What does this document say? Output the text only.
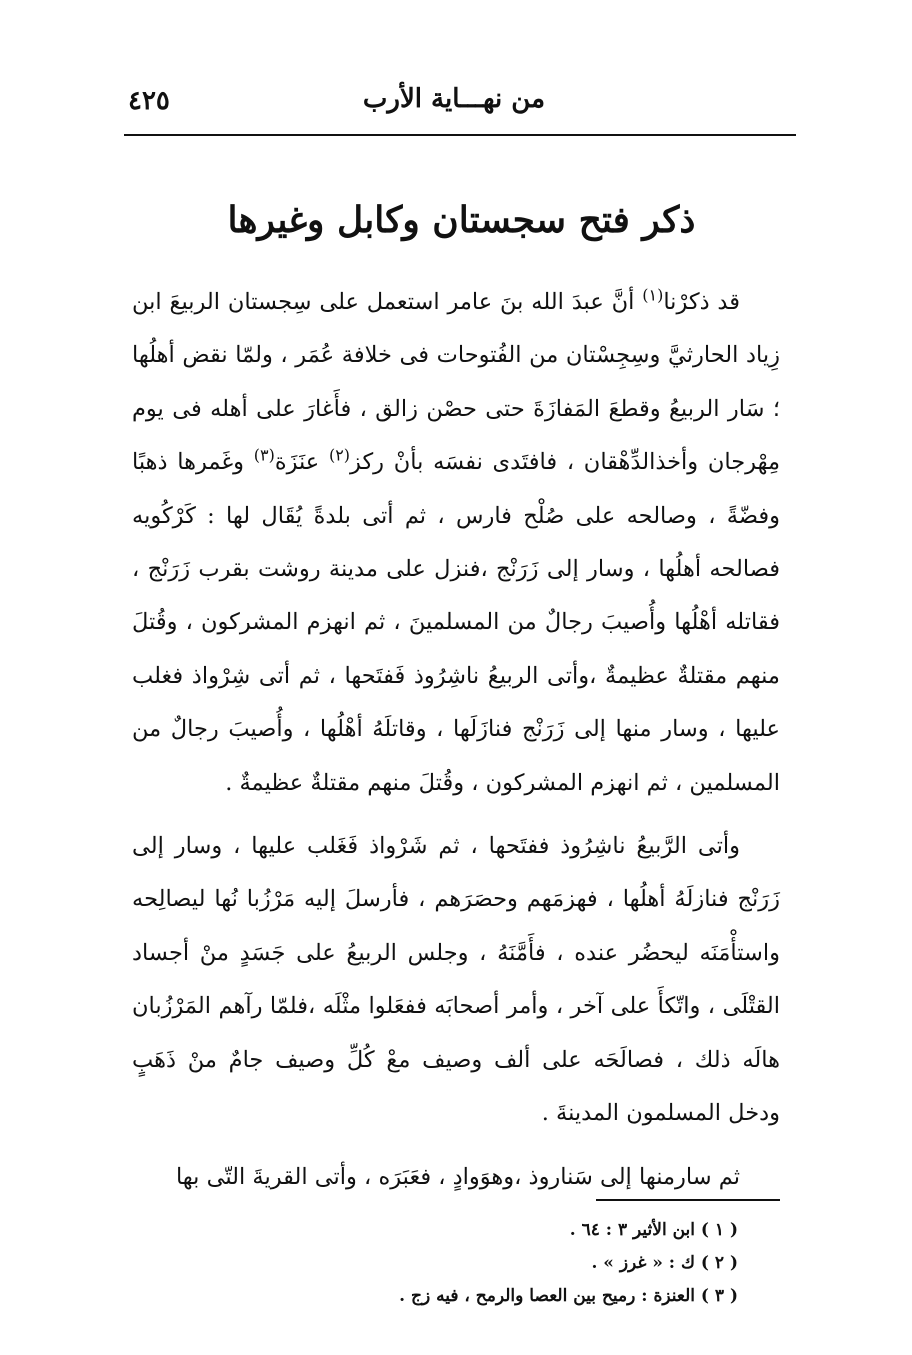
من نهـــاية الأرب
٤٢٥
ذكر فتح سجستان وكابل وغيرها

قد ذكرْنا$^{(١)}$ أنَّ عبدَ الله بنَ عامر استعمل على سِجستان الربيعَ ابن زِياد الحارثيَّ وسِجِسْتان من الفُتوحات فى خلافة عُمَر ، ولمّا نقض أهلُها ؛ سَار الربيعُ وقطعَ المَفازَةَ حتى حصْن زالق ، فأَغارَ على أهله فى يوم مِهْرجان وأخذالدِّهْقان ، فافتَدى نفسَه بأنْ ركز$^{(٢)}$ عنَزَة$^{(٣)}$ وغَمرها ذهبًا وفضّةً ، وصالحه على صُلْح فارس ، ثم أتى بلدةً يُقَال لها : كَرْكُويه فصالحه أهلُها ، وسار إلى زَرَنْج ،فنزل على مدينة روشت بقرب زَرَنْج ، فقاتله أهْلُها وأُصيبَ رجالٌ من المسلمينَ ، ثم انهزم المشركون ، وقُتلَ منهم مقتلةٌ عظيمةٌ ،وأتى الربيعُ ناشِرُوذ فَفتَحها ، ثم أتى شِرْواذ فغلب عليها ، وسار منها إلى زَرَنْج فنازَلَها ، وقاتلَهُ أهْلُها ، وأُصيبَ رجالٌ من المسلمين ، ثم انهزم المشركون ، وقُتلَ منهم مقتلةٌ عظيمةٌ .

وأتى الرَّبيعُ ناشِرُوذ ففتَحها ، ثم شَرْواذ فَغَلب عليها ، وسار إلى زَرَنْج فنازلَهُ أهلُها ، فهزمَهم وحصَرَهم ، فأرسلَ إليه مَرْزُبا نُها ليصالِحه واستأْمَنَه ليحضُر عنده ، فأَمَّنَهُ ، وجلس الربيعُ على جَسَدٍ منْ أجساد القتْلَى ، واتّكأَ على آخر ، وأمر أصحابَه ففعَلوا مثْلَه ،فلمّا رآهم المَرْزُبان هالَه ذلك ، فصالَحَه على ألف وصيف معْ كُلِّ وصيف جامٌ منْ ذَهَبٍ ودخل المسلمون المدينةَ .

ثم سارمنها إلى سَناروذ ،وهوَوادٍ ، فعَبَرَه ، وأتى القريةَ التّى بها

( ١ ) ابن الأثير ٣ : ٦٤ .
( ٢ ) ك : « غرز » .
( ٣ ) العنزة : رميح بين العصا والرمح ، فيه زج .
